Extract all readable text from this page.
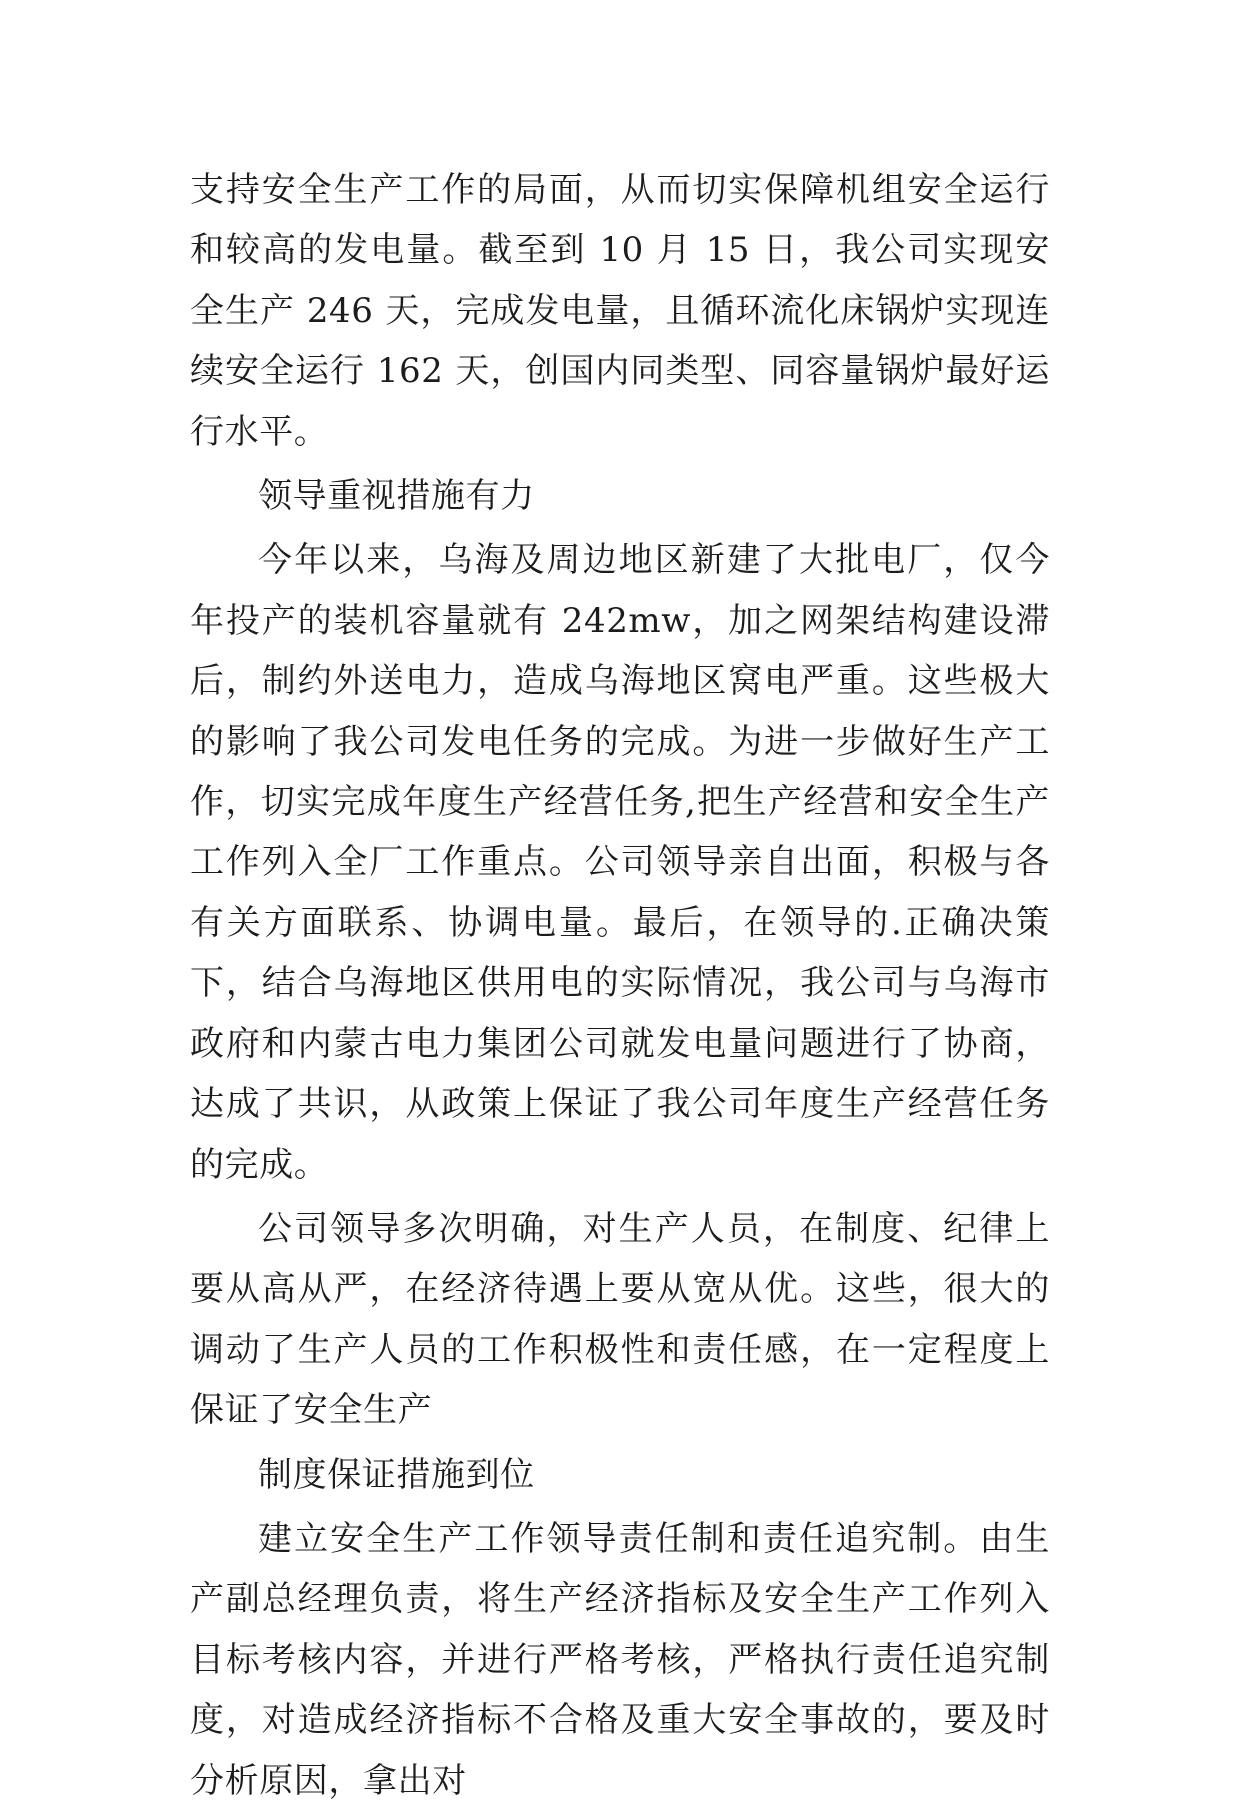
支持安全生产工作的局面，从而切实保障机组安全运行和较高的发电量。截至到 10 月 15 日，我公司实现安全生产 246 天，完成发电量，且循环流化床锅炉实现连续安全运行 162 天，创国内同类型、同容量锅炉最好运行水平。

领导重视措施有力

今年以来，乌海及周边地区新建了大批电厂，仅今年投产的装机容量就有 242mw，加之网架结构建设滞后，制约外送电力，造成乌海地区窝电严重。这些极大的影响了我公司发电任务的完成。为进一步做好生产工作，切实完成年度生产经营任务,把生产经营和安全生产工作列入全厂工作重点。公司领导亲自出面，积极与各有关方面联系、协调电量。最后，在领导的.正确决策下，结合乌海地区供用电的实际情况，我公司与乌海市政府和内蒙古电力集团公司就发电量问题进行了协商，达成了共识，从政策上保证了我公司年度生产经营任务的完成。

公司领导多次明确，对生产人员，在制度、纪律上要从高从严，在经济待遇上要从宽从优。这些，很大的调动了生产人员的工作积极性和责任感，在一定程度上保证了安全生产

制度保证措施到位

建立安全生产工作领导责任制和责任追究制。由生产副总经理负责，将生产经济指标及安全生产工作列入目标考核内容，并进行严格考核，严格执行责任追究制度，对造成经济指标不合格及重大安全事故的，要及时分析原因，拿出对
